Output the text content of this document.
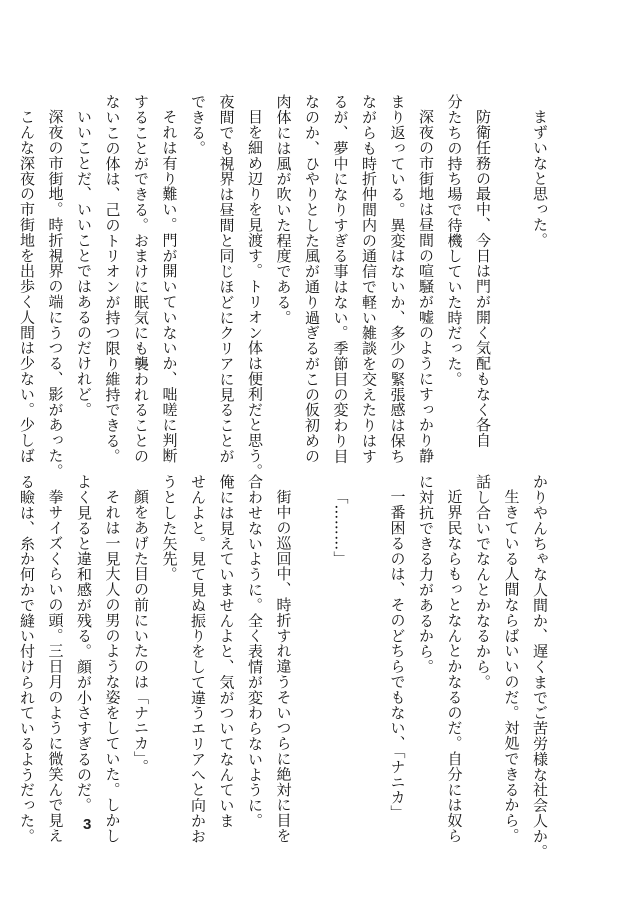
まずいなと思った。

防衛任務の最中、今日は門が開く気配もなく各自
分たちの持ち場で待機していた時だった。
深夜の市街地は昼間の喧騒が嘘のようにすっかり静
まり返っている。異変はないか、多少の緊張感は保ち
ながらも時折仲間内の通信で軽い雑談を交えたりはす
るが、夢中になりすぎる事はない。季節目の変わり目
なのか、ひやりとした風が通り過ぎるがこの仮初めの
肉体には風が吹いた程度である。
目を細め辺りを見渡す。トリオン体は便利だと思う。
夜間でも視界は昼間と同じほどにクリアに見ることが
できる。
それは有り難い。門が開いていないか、咄嗟に判断
することができる。おまけに眠気にも襲われることの
ないこの体は、己のトリオンが持つ限り維持できる。
いいことだ、いいことではあるのだけれど。
深夜の市街地。時折視界の端にうつる、影があった。
こんな深夜の市街地を出歩く人間は少ない。少しば
かりやんちゃな人間か、遅くまでご苦労様な社会人か。
生きている人間ならばいいのだ。対処できるから。
話し合いでなんとかなるから。
近界民ならもっとなんとかなるのだ。自分には奴ら
に対抗できる力があるから。
一番困るのは、そのどちらでもない、「ナニカ」

「………」

街中の巡回中、時折すれ違うそいつらに絶対に目を
合わせないように。全く表情が変わらないように。
俺には見えていませんよと、気がついてなんていま
せんよと。見て見ぬ振りをして違うエリアへと向かお
うとした矢先。
顔をあげた目の前にいたのは「ナニカ」。
それは一見大人の男のような姿をしていた。しかし
よく見ると違和感が残る。顔が小さすぎるのだ。
拳サイズくらいの頭。三日月のように微笑んで見え
る瞼は、糸か何かで縫い付けられているようだった。	3
